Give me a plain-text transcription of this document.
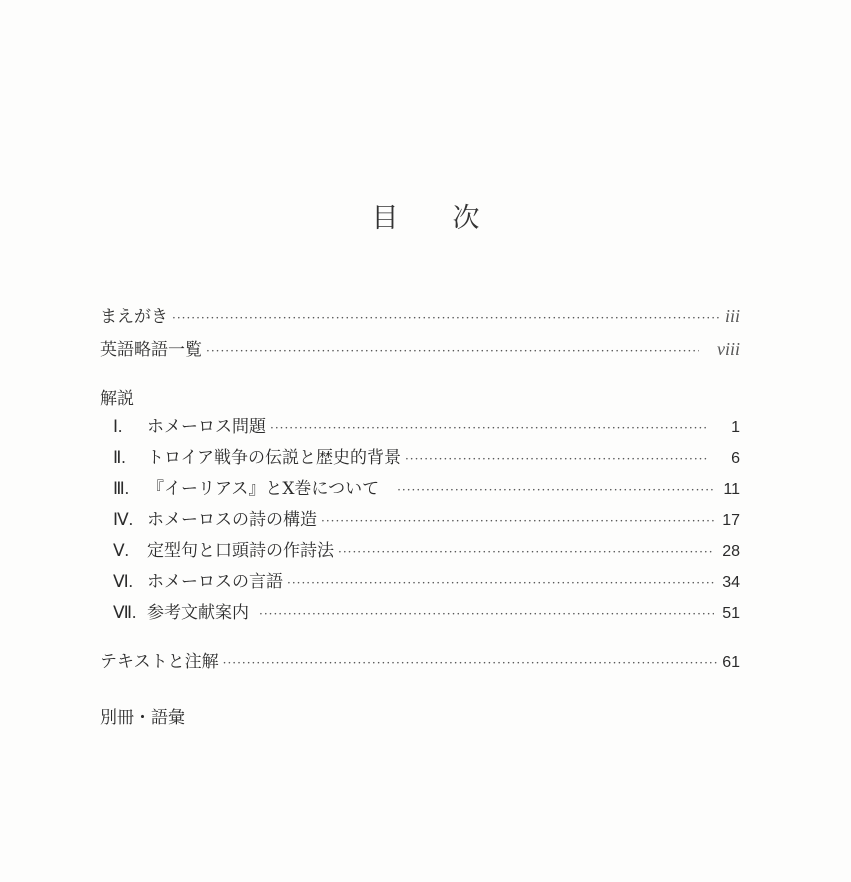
目 次
まえがき ·····	iii
英語略語一覧 ·····	viii
解説
Ⅰ. ホメーロス問題 ·····	1
Ⅱ. トロイア戦争の伝説と歴史的背景 ·····	6
Ⅲ. 『イーリアス』とⅩ巻について ·····	11
Ⅳ. ホメーロスの詩の構造 ·····	17
Ⅴ. 定型句と口頭詩の作詩法 ·····	28
Ⅵ. ホメーロスの言語 ·····	34
Ⅶ. 参考文献案内 ·····	51
テキストと注解 ·····	61
別冊・語彙
